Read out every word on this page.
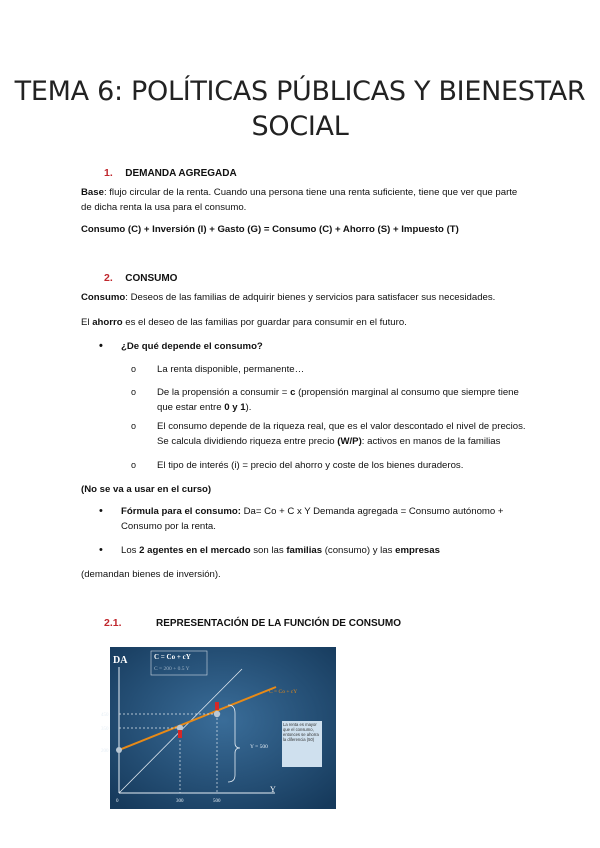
TEMA 6: POLÍTICAS PÚBLICAS Y BIENESTAR
SOCIAL
1. DEMANDA AGREGADA
Base: flujo circular de la renta. Cuando una persona tiene una renta suficiente, tiene que ver que parte
de dicha renta la usa para el consumo.
Consumo (C) + Inversión (I) + Gasto (G) = Consumo (C) + Ahorro (S) + Impuesto (T)
2. CONSUMO
Consumo: Deseos de las familias de adquirir bienes y servicios para satisfacer sus necesidades.
El ahorro es el deseo de las familias por guardar para consumir en el futuro.
• ¿De qué depende el consumo?
o La renta disponible, permanente…
o De la propensión a consumir = c (propensión marginal al consumo que siempre tiene
que estar entre 0 y 1).
o El consumo depende de la riqueza real, que es el valor descontado el nivel de precios.
Se calcula dividiendo riqueza entre precio (W/P): activos en manos de la familias
o El tipo de interés (i) = precio del ahorro y coste de los bienes duraderos.
(No se va a usar en el curso)
• Fórmula para el consumo: Da= Co + C x Y Demanda agregada = Consumo autónomo +
Consumo por la renta.
• Los 2 agentes en el mercado son las familias (consumo) y las empresas
(demandan bienes de inversión).
2.1.	REPRESENTACIÓN DE LA FUNCIÓN DE CONSUMO
DA
Y
C = Co + cY
C = 200 + 0.5 Y
C = Co + cY
Y = 500
450
350
200
0	300	500
La renta es mayor que el consumo, entonces se ahorra la diferencia (50)
